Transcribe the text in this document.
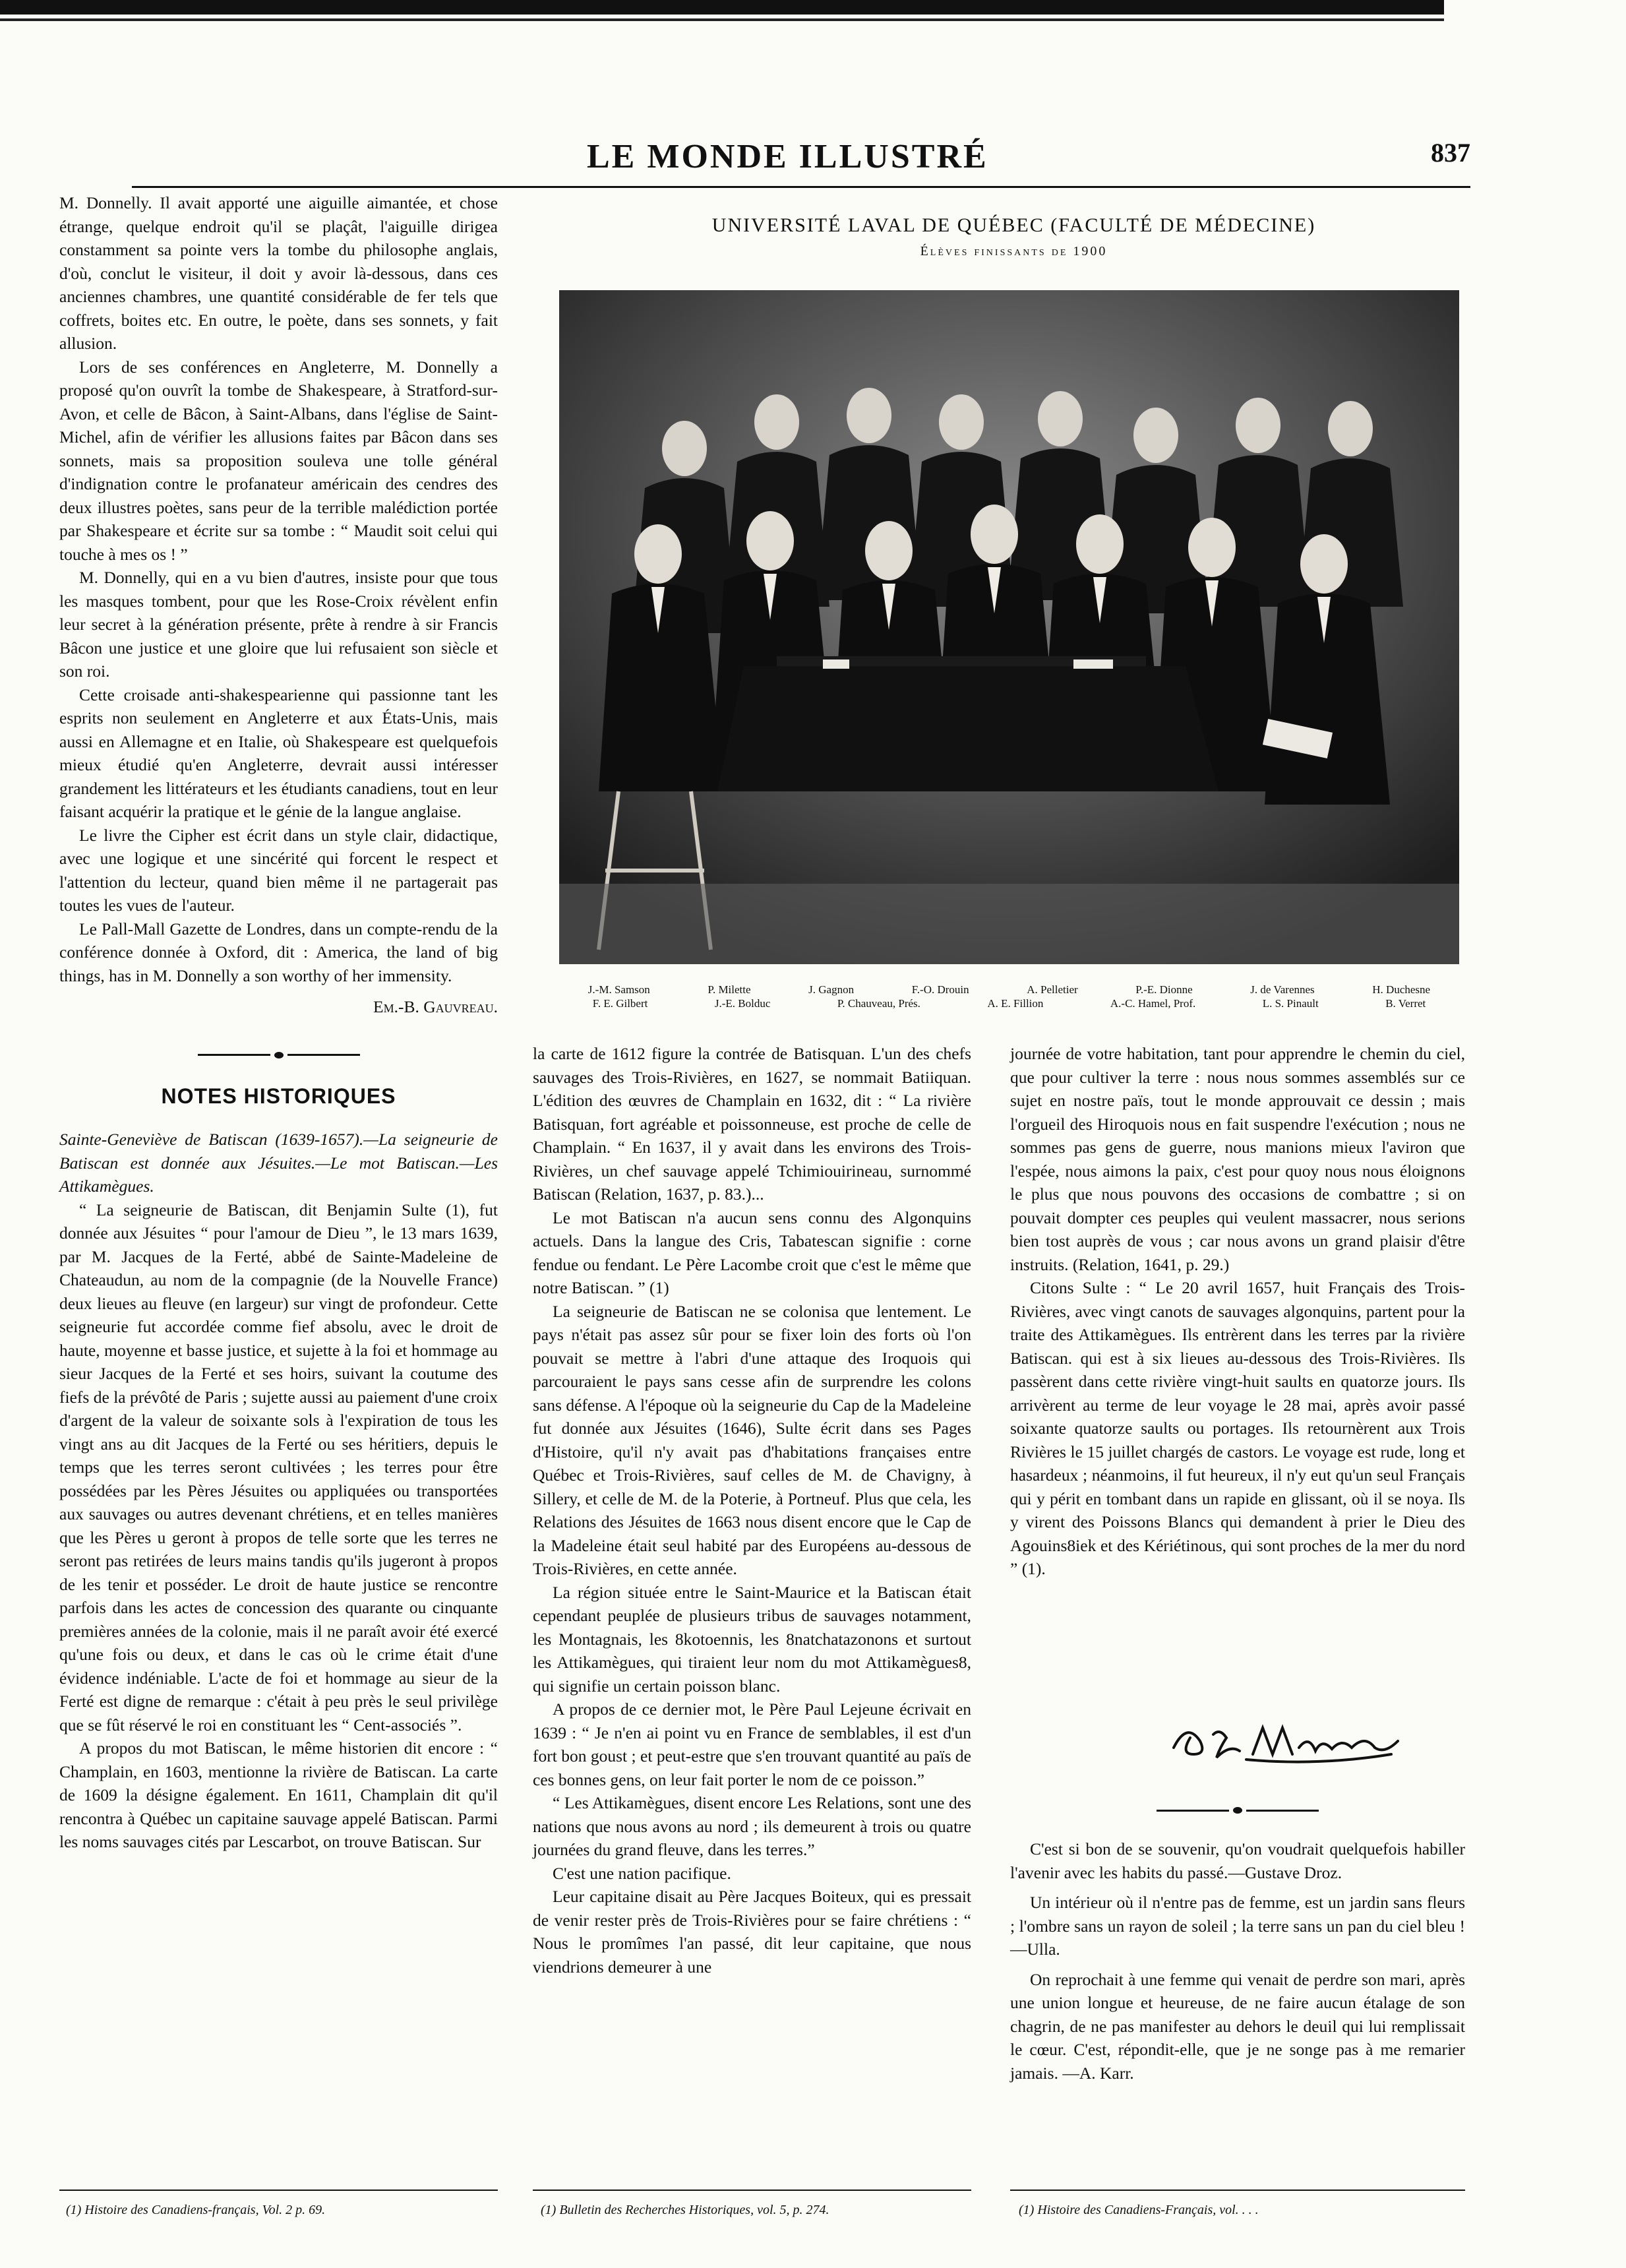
LE MONDE ILLUSTRÉ	837

M. Donnelly. Il avait apporté une aiguille aimantée, et chose étrange, quelque endroit qu'il se plaçât, l'aiguille dirigea constamment sa pointe vers la tombe du philosophe anglais, d'où, conclut le visiteur, il doit y avoir là-dessous, dans ces anciennes chambres, une quantité considérable de fer tels que coffrets, boites etc. En outre, le poète, dans ses sonnets, y fait allusion.

Lors de ses conférences en Angleterre, M. Donnelly a proposé qu'on ouvrît la tombe de Shakespeare, à Stratford-sur-Avon, et celle de Bâcon, à Saint-Albans, dans l'église de Saint-Michel, afin de vérifier les allusions faites par Bâcon dans ses sonnets, mais sa proposition souleva une tolle général d'indignation contre le profanateur américain des cendres des deux illustres poètes, sans peur de la terrible malédiction portée par Shakespeare et écrite sur sa tombe : “ Maudit soit celui qui touche à mes os ! ”

M. Donnelly, qui en a vu bien d'autres, insiste pour que tous les masques tombent, pour que les Rose-Croix révèlent enfin leur secret à la génération présente, prête à rendre à sir Francis Bâcon une justice et une gloire que lui refusaient son siècle et son roi.

Cette croisade anti-shakespearienne qui passionne tant les esprits non seulement en Angleterre et aux États-Unis, mais aussi en Allemagne et en Italie, où Shakespeare est quelquefois mieux étudié qu'en Angleterre, devrait aussi intéresser grandement les littérateurs et les étudiants canadiens, tout en leur faisant acquérir la pratique et le génie de la langue anglaise.

Le livre the Cipher est écrit dans un style clair, didactique, avec une logique et une sincérité qui forcent le respect et l'attention du lecteur, quand bien même il ne partagerait pas toutes les vues de l'auteur.

Le Pall-Mall Gazette de Londres, dans un compte-rendu de la conférence donnée à Oxford, dit : America, the land of big things, has in M. Donnelly a son worthy of her immensity.

Em.-B. Gauvreau.

NOTES HISTORIQUES

Sainte-Geneviève de Batiscan (1639-1657).—La seigneurie de Batiscan est donnée aux Jésuites.—Le mot Batiscan.—Les Attikamègues.

“ La seigneurie de Batiscan, dit Benjamin Sulte (1), fut donnée aux Jésuites “ pour l'amour de Dieu ”, le 13 mars 1639, par M. Jacques de la Ferté, abbé de Sainte-Madeleine de Chateaudun, au nom de la compagnie (de la Nouvelle France) deux lieues au fleuve (en largeur) sur vingt de profondeur. Cette seigneurie fut accordée comme fief absolu, avec le droit de haute, moyenne et basse justice, et sujette à la foi et hommage au sieur Jacques de la Ferté et ses hoirs, suivant la coutume des fiefs de la prévôté de Paris ; sujette aussi au paiement d'une croix d'argent de la valeur de soixante sols à l'expiration de tous les vingt ans au dit Jacques de la Ferté ou ses héritiers, depuis le temps que les terres seront cultivées ; les terres pour être possédées par les Pères Jésuites ou appliquées ou transportées aux sauvages ou autres devenant chrétiens, et en telles manières que les Pères u geront à propos de telle sorte que les terres ne seront pas retirées de leurs mains tandis qu'ils jugeront à propos de les tenir et posséder. Le droit de haute justice se rencontre parfois dans les actes de concession des quarante ou cinquante premières années de la colonie, mais il ne paraît avoir été exercé qu'une fois ou deux, et dans le cas où le crime était d'une évidence indéniable. L'acte de foi et hommage au sieur de la Ferté est digne de remarque : c'était à peu près le seul privilège que se fût réservé le roi en constituant les “ Cent-associés ”.

A propos du mot Batiscan, le même historien dit encore : “ Champlain, en 1603, mentionne la rivière de Batiscan. La carte de 1609 la désigne également. En 1611, Champlain dit qu'il rencontra à Québec un capitaine sauvage appelé Batiscan. Parmi les noms sauvages cités par Lescarbot, on trouve Batiscan. Sur

UNIVERSITÉ LAVAL DE QUÉBEC (FACULTÉ DE MÉDECINE)
Élèves finissants de 1900
J.-M. Samson	P. Milette	J. Gagnon	F.-O. Drouin	A. Pelletier	P.-E. Dionne	J. de Varennes	H. Duchesne
F. E. Gilbert	J.-E. Bolduc	P. Chauveau, Prés.	A. E. Fillion	A.-C. Hamel, Prof.	L. S. Pinault	B. Verret

la carte de 1612 figure la contrée de Batisquan. L'un des chefs sauvages des Trois-Rivières, en 1627, se nommait Batiiquan. L'édition des œuvres de Champlain en 1632, dit : “ La rivière Batisquan, fort agréable et poissonneuse, est proche de celle de Champlain. “ En 1637, il y avait dans les environs des Trois-Rivières, un chef sauvage appelé Tchimiouirineau, surnommé Batiscan (Relation, 1637, p. 83.)...

Le mot Batiscan n'a aucun sens connu des Algonquins actuels. Dans la langue des Cris, Tabatescan signifie : corne fendue ou fendant. Le Père Lacombe croit que c'est le même que notre Batiscan. ” (1)

La seigneurie de Batiscan ne se colonisa que lentement. Le pays n'était pas assez sûr pour se fixer loin des forts où l'on pouvait se mettre à l'abri d'une attaque des Iroquois qui parcouraient le pays sans cesse afin de surprendre les colons sans défense. A l'époque où la seigneurie du Cap de la Madeleine fut donnée aux Jésuites (1646), Sulte écrit dans ses Pages d'Histoire, qu'il n'y avait pas d'habitations françaises entre Québec et Trois-Rivières, sauf celles de M. de Chavigny, à Sillery, et celle de M. de la Poterie, à Portneuf. Plus que cela, les Relations des Jésuites de 1663 nous disent encore que le Cap de la Madeleine était seul habité par des Européens au-dessous de Trois-Rivières, en cette année.

La région située entre le Saint-Maurice et la Batiscan était cependant peuplée de plusieurs tribus de sauvages notamment, les Montagnais, les 8kotoennis, les 8natchatazonons et surtout les Attikamègues, qui tiraient leur nom du mot Attikamègues8, qui signifie un certain poisson blanc.

A propos de ce dernier mot, le Père Paul Lejeune écrivait en 1639 : “ Je n'en ai point vu en France de semblables, il est d'un fort bon goust ; et peut-estre que s'en trouvant quantité au païs de ces bonnes gens, on leur fait porter le nom de ce poisson.”

“ Les Attikamègues, disent encore Les Relations, sont une des nations que nous avons au nord ; ils demeurent à trois ou quatre journées du grand fleuve, dans les terres.”

C'est une nation pacifique.

Leur capitaine disait au Père Jacques Boiteux, qui es pressait de venir rester près de Trois-Rivières pour se faire chrétiens : “ Nous le promîmes l'an passé, dit leur capitaine, que nous viendrions demeurer à une

journée de votre habitation, tant pour apprendre le chemin du ciel, que pour cultiver la terre : nous nous sommes assemblés sur ce sujet en nostre païs, tout le monde approuvait ce dessin ; mais l'orgueil des Hiroquois nous en fait suspendre l'exécution ; nous ne sommes pas gens de guerre, nous manions mieux l'aviron que l'espée, nous aimons la paix, c'est pour quoy nous nous éloignons le plus que nous pouvons des occasions de combattre ; si on pouvait dompter ces peuples qui veulent massacrer, nous serions bien tost auprès de vous ; car nous avons un grand plaisir d'être instruits. (Relation, 1641, p. 29.)

Citons Sulte : “ Le 20 avril 1657, huit Français des Trois-Rivières, avec vingt canots de sauvages algonquins, partent pour la traite des Attikamègues. Ils entrèrent dans les terres par la rivière Batiscan. qui est à six lieues au-dessous des Trois-Rivières. Ils passèrent dans cette rivière vingt-huit saults en quatorze jours. Ils arrivèrent au terme de leur voyage le 28 mai, après avoir passé soixante quatorze saults ou portages. Ils retournèrent aux Trois Rivières le 15 juillet chargés de castors. Le voyage est rude, long et hasardeux ; néanmoins, il fut heureux, il n'y eut qu'un seul Français qui y périt en tombant dans un rapide en glissant, où il se noya. Ils y virent des Poissons Blancs qui demandent à prier le Dieu des Agouins8iek et des Kériétinous, qui sont proches de la mer du nord ” (1).

C'est si bon de se souvenir, qu'on voudrait quelquefois habiller l'avenir avec les habits du passé.—Gustave Droz.

Un intérieur où il n'entre pas de femme, est un jardin sans fleurs ; l'ombre sans un rayon de soleil ; la terre sans un pan du ciel bleu !—Ulla.

On reprochait à une femme qui venait de perdre son mari, après une union longue et heureuse, de ne faire aucun étalage de son chagrin, de ne pas manifester au dehors le deuil qui lui remplissait le cœur. C'est, répondit-elle, que je ne songe pas à me remarier jamais. —A. Karr.

(1) Histoire des Canadiens-français, Vol. 2 p. 69.	(1) Bulletin des Recherches Historiques, vol. 5, p. 274.	(1) Histoire des Canadiens-Français, vol. . . .
